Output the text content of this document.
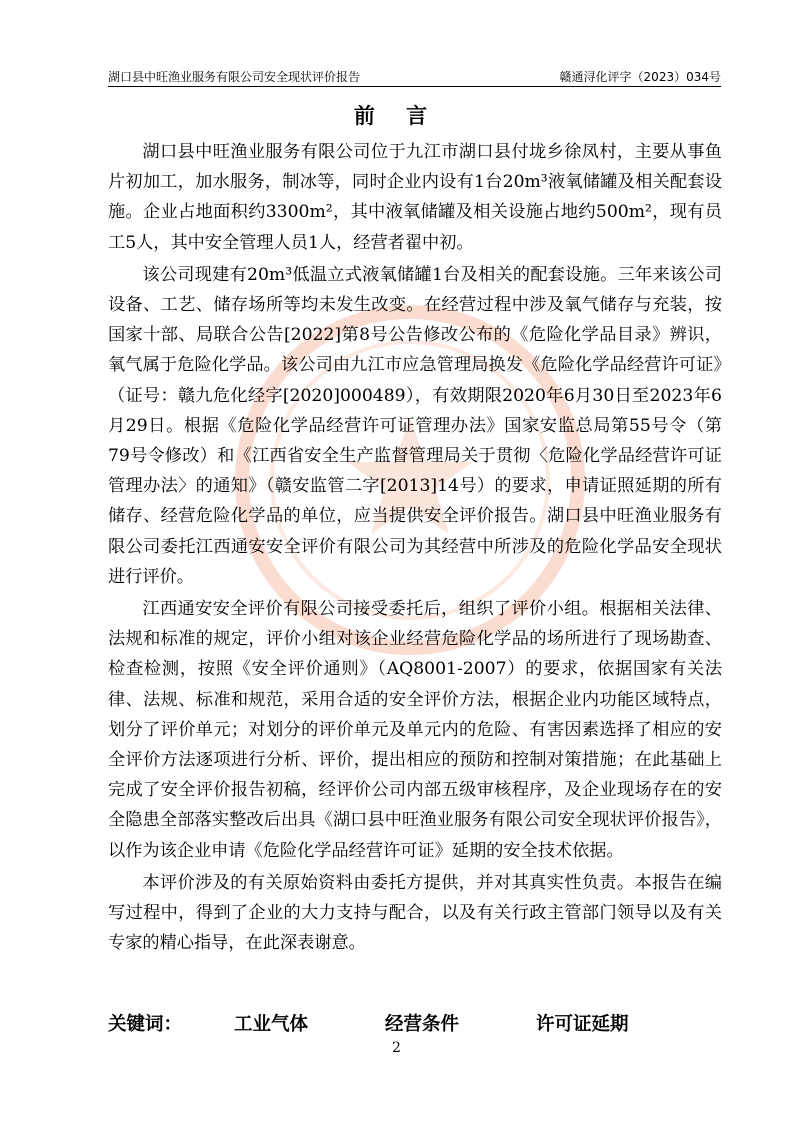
湖口县中旺渔业服务有限公司安全现状评价报告	赣通浔化评字（2023）034号
前 言

湖口县中旺渔业服务有限公司位于九江市湖口县付垅乡徐凤村，主要从事鱼片初加工，加水服务，制冰等，同时企业内设有1台20m³液氧储罐及相关配套设施。企业占地面积约3300m²，其中液氧储罐及相关设施占地约500m²，现有员工5人，其中安全管理人员1人，经营者翟中初。

该公司现建有20m³低温立式液氧储罐1台及相关的配套设施。三年来该公司设备、工艺、储存场所等均未发生改变。在经营过程中涉及氧气储存与充装，按国家十部、局联合公告[2022]第8号公告修改公布的《危险化学品目录》辨识，氧气属于危险化学品。该公司由九江市应急管理局换发《危险化学品经营许可证》（证号：赣九危化经字[2020]000489），有效期限2020年6月30日至2023年6月29日。根据《危险化学品经营许可证管理办法》国家安监总局第55号令（第79号令修改）和《江西省安全生产监督管理局关于贯彻〈危险化学品经营许可证管理办法〉的通知》（赣安监管二字[2013]14号）的要求，申请证照延期的所有储存、经营危险化学品的单位，应当提供安全评价报告。湖口县中旺渔业服务有限公司委托江西通安安全评价有限公司为其经营中所涉及的危险化学品安全现状进行评价。

江西通安安全评价有限公司接受委托后，组织了评价小组。根据相关法律、法规和标准的规定，评价小组对该企业经营危险化学品的场所进行了现场勘查、检查检测，按照《安全评价通则》（AQ8001-2007）的要求，依据国家有关法律、法规、标准和规范，采用合适的安全评价方法，根据企业内功能区域特点，划分了评价单元；对划分的评价单元及单元内的危险、有害因素选择了相应的安全评价方法逐项进行分析、评价，提出相应的预防和控制对策措施；在此基础上完成了安全评价报告初稿，经评价公司内部五级审核程序，及企业现场存在的安全隐患全部落实整改后出具《湖口县中旺渔业服务有限公司安全现状评价报告》，以作为该企业申请《危险化学品经营许可证》延期的安全技术依据。

本评价涉及的有关原始资料由委托方提供，并对其真实性负责。本报告在编写过程中，得到了企业的大力支持与配合，以及有关行政主管部门领导以及有关专家的精心指导，在此深表谢意。

关键词：	工业气体	经营条件	许可证延期
2
